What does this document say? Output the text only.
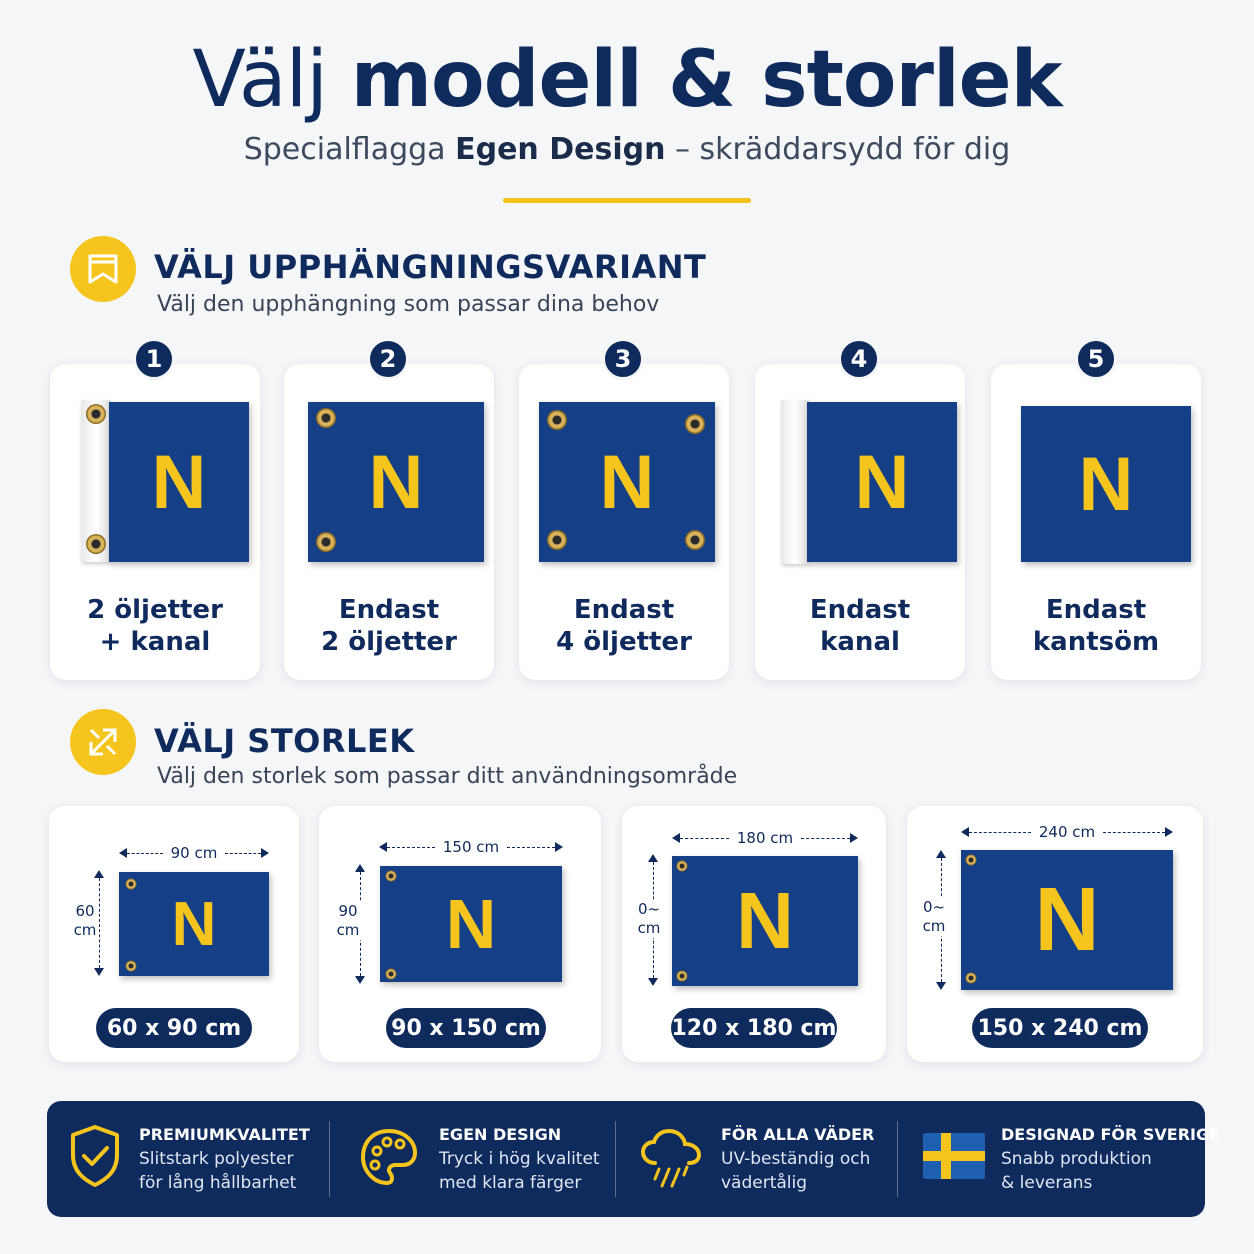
Välj modell & storlek
Specialflagga Egen Design – skräddarsydd för dig
VÄLJ UPPHÄNGNINGSVARIANT
Välj den upphängning som passar dina behov
N
2 öljetter
+ kanal
1
N
Endast
2 öljetter
2
N
Endast
4 öljetter
3
N
Endast
kanal
4
N
Endast
kantsöm
5
VÄLJ STORLEK
Välj den storlek som passar ditt användningsområde
90 cm
60
cm N
60 x 90 cm
150 cm
90
cm N
90 x 150 cm
180 cm
0~
cm N
120 x 180 cm
240 cm
0~
cm N
150 x 240 cm
PREMIUMKVALITET
Slitstark polyester
för lång hållbarhet
EGEN DESIGN
Tryck i hög kvalitet
med klara färger
FÖR ALLA VÄDER
UV-beständig och
vädertålig
DESIGNAD FÖR SVERIGE
Snabb produktion
& leverans
